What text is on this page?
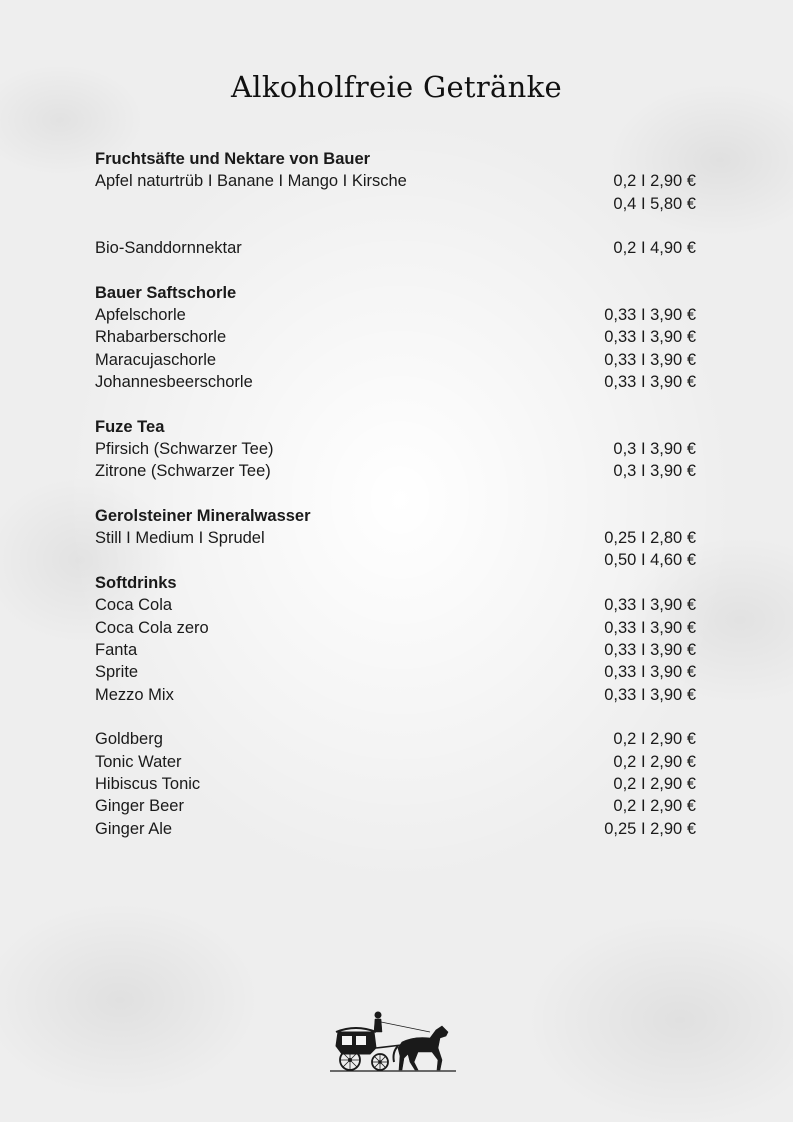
Alkoholfreie Getränke
Fruchtsäfte und Nektare von Bauer
Apfel naturtrüb I Banane I Mango I Kirsche	0,2 I 2,90 €
0,4 I 5,80 €
Bio-Sanddornnektar	0,2 I 4,90 €
Bauer Saftschorle
Apfelschorle	0,33 I 3,90 €
Rhabarberschorle	0,33 I 3,90 €
Maracujaschorle	0,33 I 3,90 €
Johannesbeerschorle	0,33 I 3,90 €
Fuze Tea
Pfirsich (Schwarzer Tee)	0,3 I 3,90 €
Zitrone (Schwarzer Tee)	0,3 I 3,90 €
Gerolsteiner Mineralwasser
Still I Medium I Sprudel	0,25 I 2,80 €
0,50 I 4,60 €
Softdrinks
Coca Cola	0,33 I 3,90 €
Coca Cola zero	0,33 I 3,90 €
Fanta	0,33 I 3,90 €
Sprite	0,33 I 3,90 €
Mezzo Mix	0,33 I 3,90 €
Goldberg	0,2 I 2,90 €
Tonic Water	0,2 I 2,90 €
Hibiscus Tonic	0,2 I 2,90 €
Ginger Beer	0,2 I 2,90 €
Ginger Ale	0,25 I 2,90 €
